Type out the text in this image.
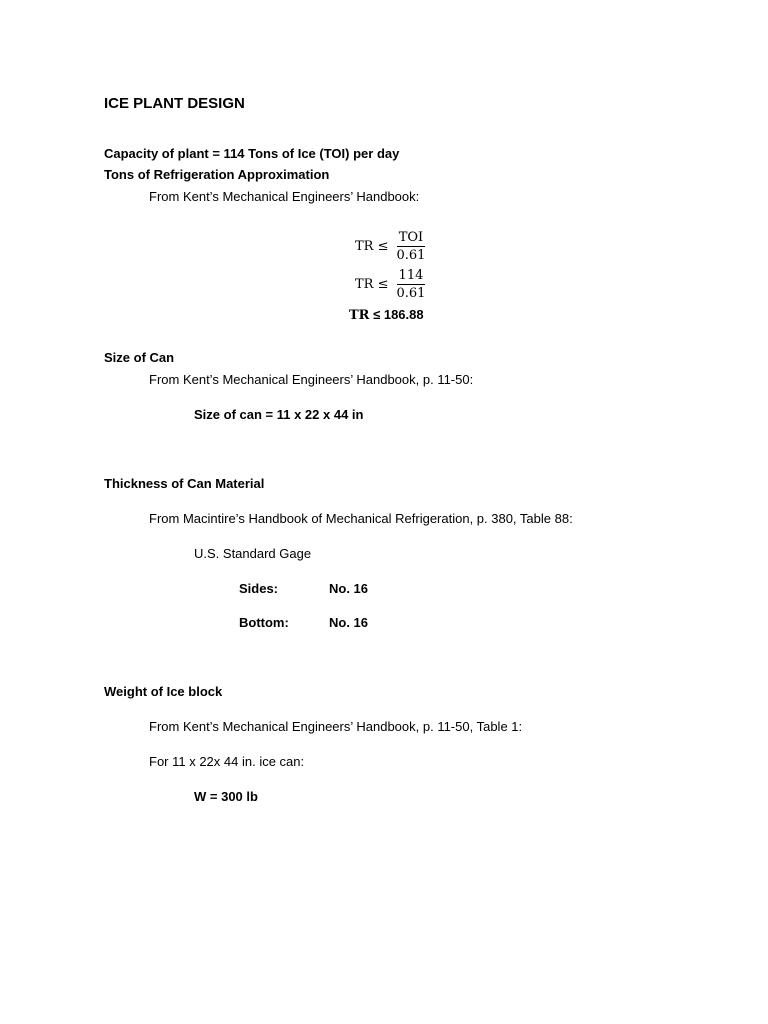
ICE PLANT DESIGN
Capacity of plant = 114 Tons of Ice (TOI) per day
Tons of Refrigeration Approximation
From Kent’s Mechanical Engineers’ Handbook:
TR ≤ $\frac{\text{TOI}}{0.61}$
TR ≤ $\frac{114}{0.61}$
TR ≤ 186.88
Size of Can
From Kent’s Mechanical Engineers’ Handbook, p. 11-50:
Size of can = 11 x 22 x 44 in
Thickness of Can Material
From Macintire’s Handbook of Mechanical Refrigeration, p. 380, Table 88:
U.S. Standard Gage
Sides:	No. 16
Bottom:	No. 16
Weight of Ice block
From Kent’s Mechanical Engineers’ Handbook, p. 11-50, Table 1:
For 11 x 22x 44 in. ice can:
W = 300 lb
